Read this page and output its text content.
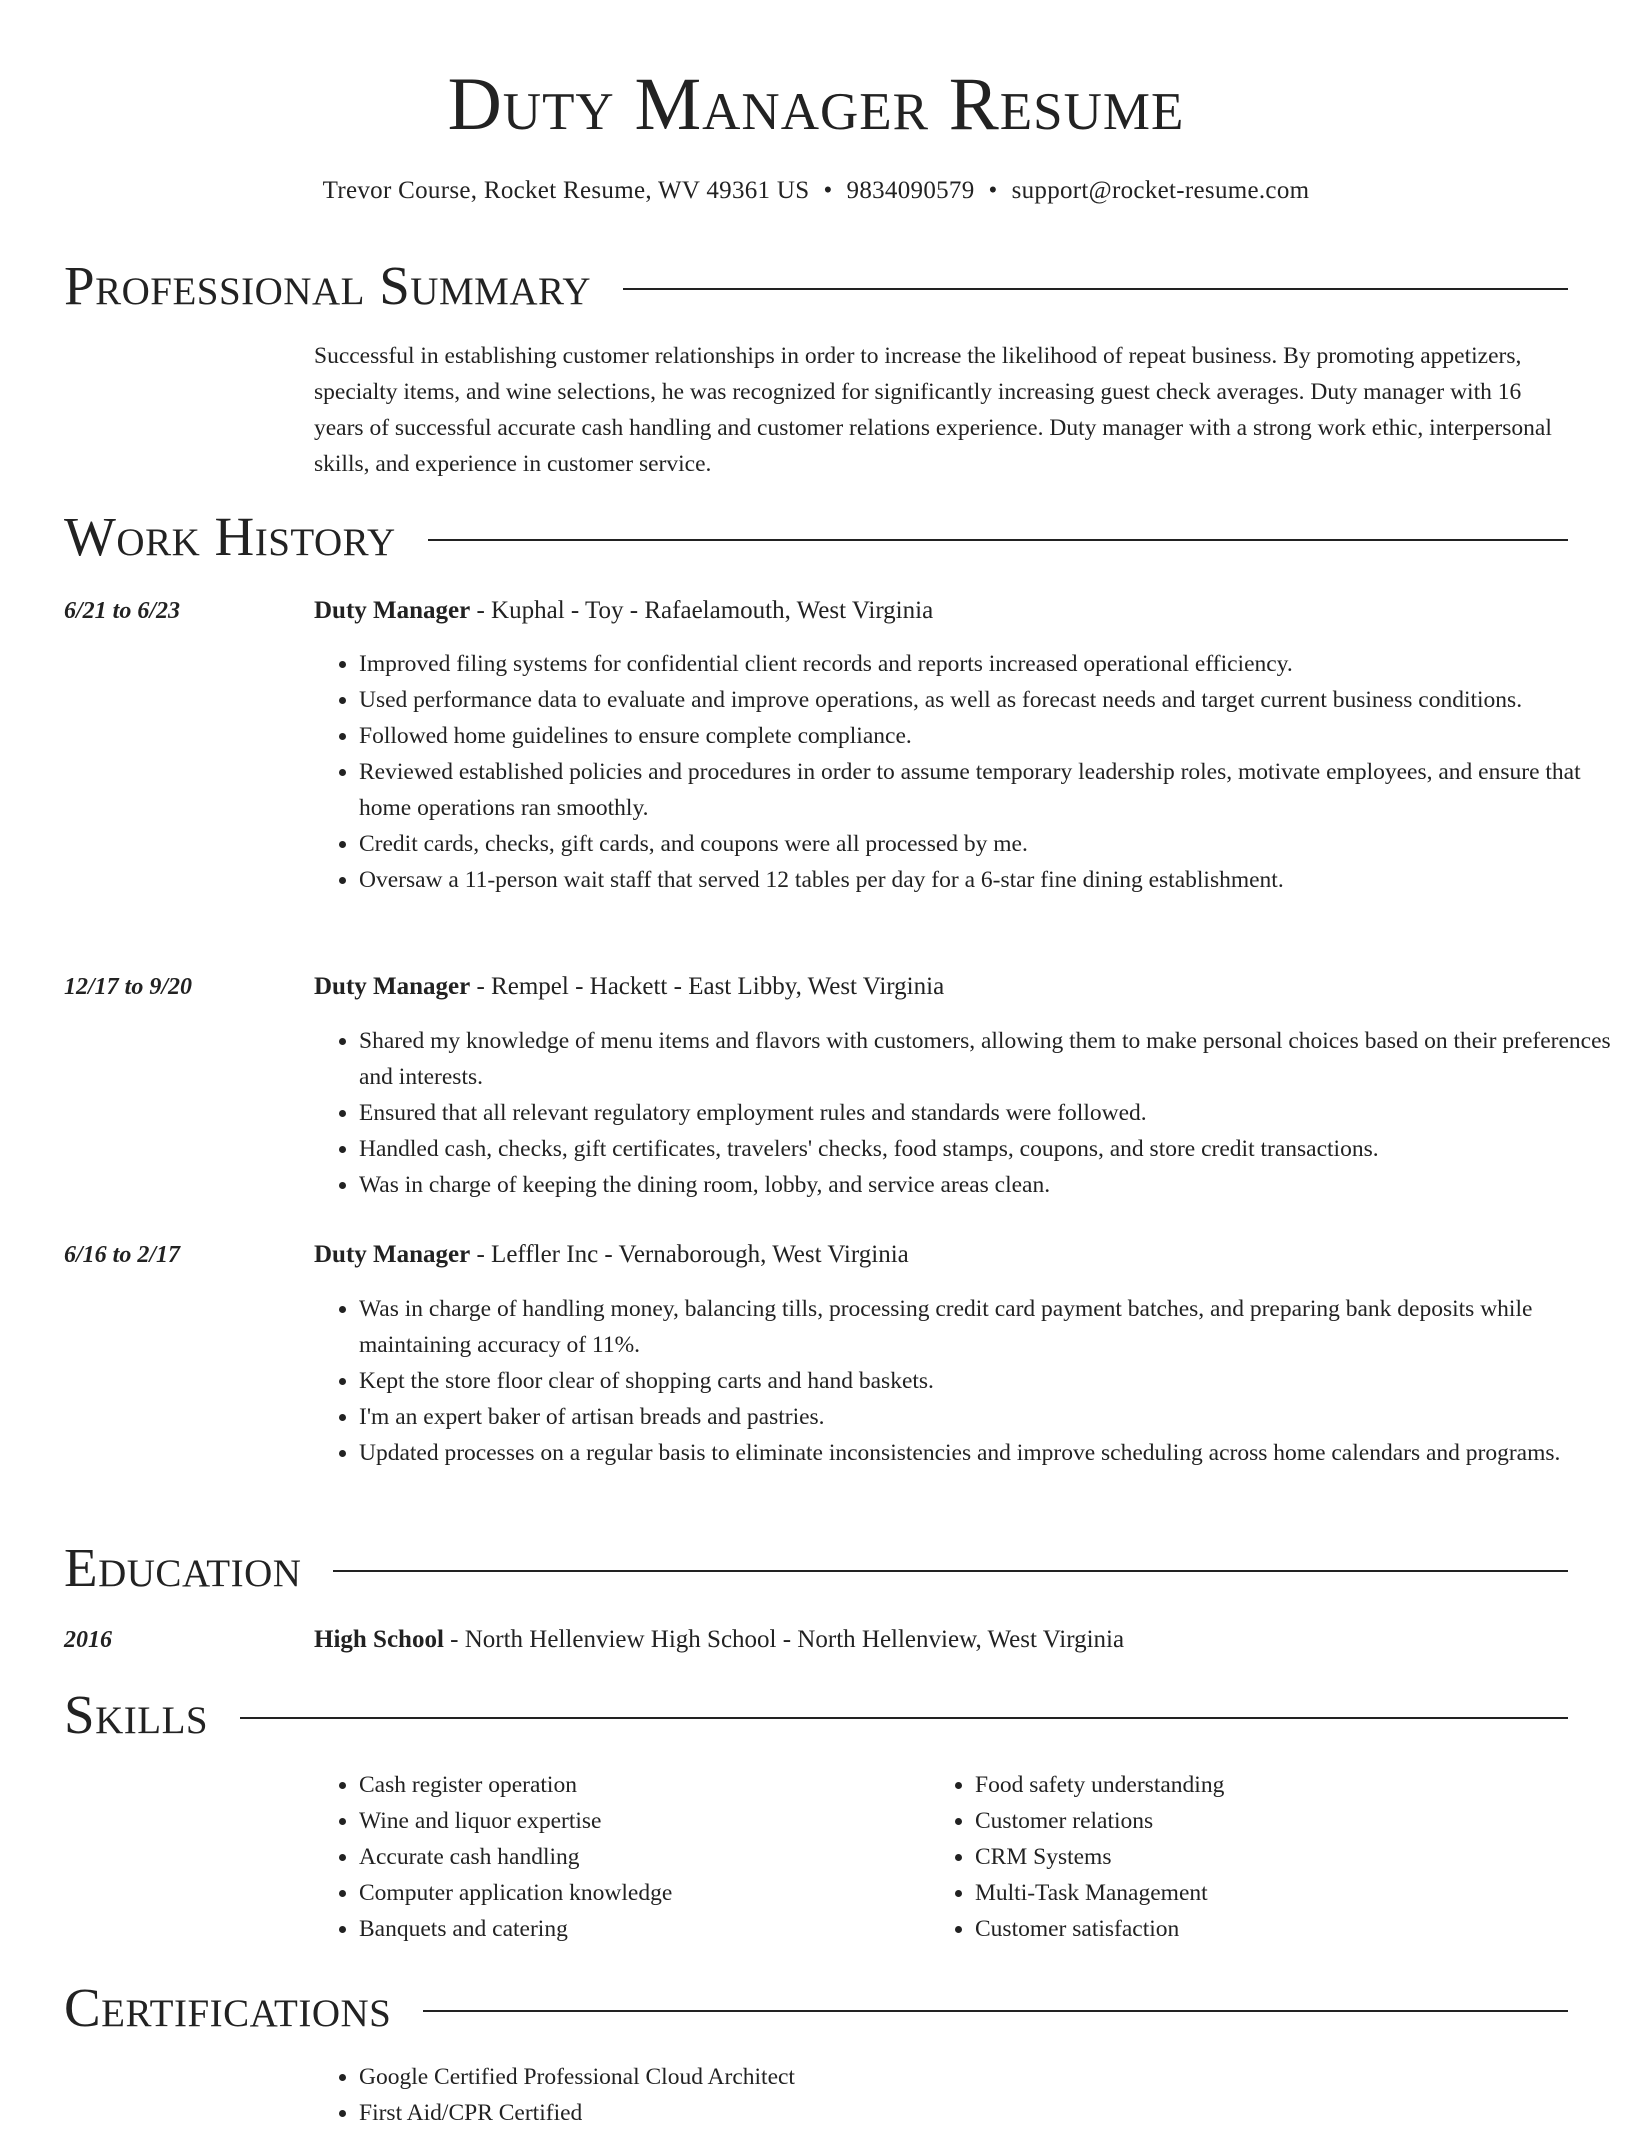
Duty Manager Resume
Trevor Course, Rocket Resume, WV 49361 US • 9834090579 • support@rocket-resume.com
Professional Summary

Successful in establishing customer relationships in order to increase the likelihood of repeat business. By promoting appetizers, specialty items, and wine selections, he was recognized for significantly increasing guest check averages. Duty manager with 16 years of successful accurate cash handling and customer relations experience. Duty manager with a strong work ethic, interpersonal skills, and experience in customer service.

Work History
6/21 to 6/23	Duty Manager - Kuphal - Toy - Rafaelamouth, West Virginia
• Improved filing systems for confidential client records and reports increased operational efficiency.
• Used performance data to evaluate and improve operations, as well as forecast needs and target current business conditions.
• Followed home guidelines to ensure complete compliance.
• Reviewed established policies and procedures in order to assume temporary leadership roles, motivate employees, and ensure that home operations ran smoothly.
• Credit cards, checks, gift cards, and coupons were all processed by me.
• Oversaw a 11-person wait staff that served 12 tables per day for a 6-star fine dining establishment.
12/17 to 9/20	Duty Manager - Rempel - Hackett - East Libby, West Virginia
• Shared my knowledge of menu items and flavors with customers, allowing them to make personal choices based on their preferences and interests.
• Ensured that all relevant regulatory employment rules and standards were followed.
• Handled cash, checks, gift certificates, travelers' checks, food stamps, coupons, and store credit transactions.
• Was in charge of keeping the dining room, lobby, and service areas clean.
6/16 to 2/17	Duty Manager - Leffler Inc - Vernaborough, West Virginia
• Was in charge of handling money, balancing tills, processing credit card payment batches, and preparing bank deposits while maintaining accuracy of 11%.
• Kept the store floor clear of shopping carts and hand baskets.
• I'm an expert baker of artisan breads and pastries.
• Updated processes on a regular basis to eliminate inconsistencies and improve scheduling across home calendars and programs.
Education
2016	High School - North Hellenview High School - North Hellenview, West Virginia
Skills
• Cash register operation
• Wine and liquor expertise
• Accurate cash handling
• Computer application knowledge
• Banquets and catering
• Food safety understanding
• Customer relations
• CRM Systems
• Multi-Task Management
• Customer satisfaction
Certifications
• Google Certified Professional Cloud Architect
• First Aid/CPR Certified
